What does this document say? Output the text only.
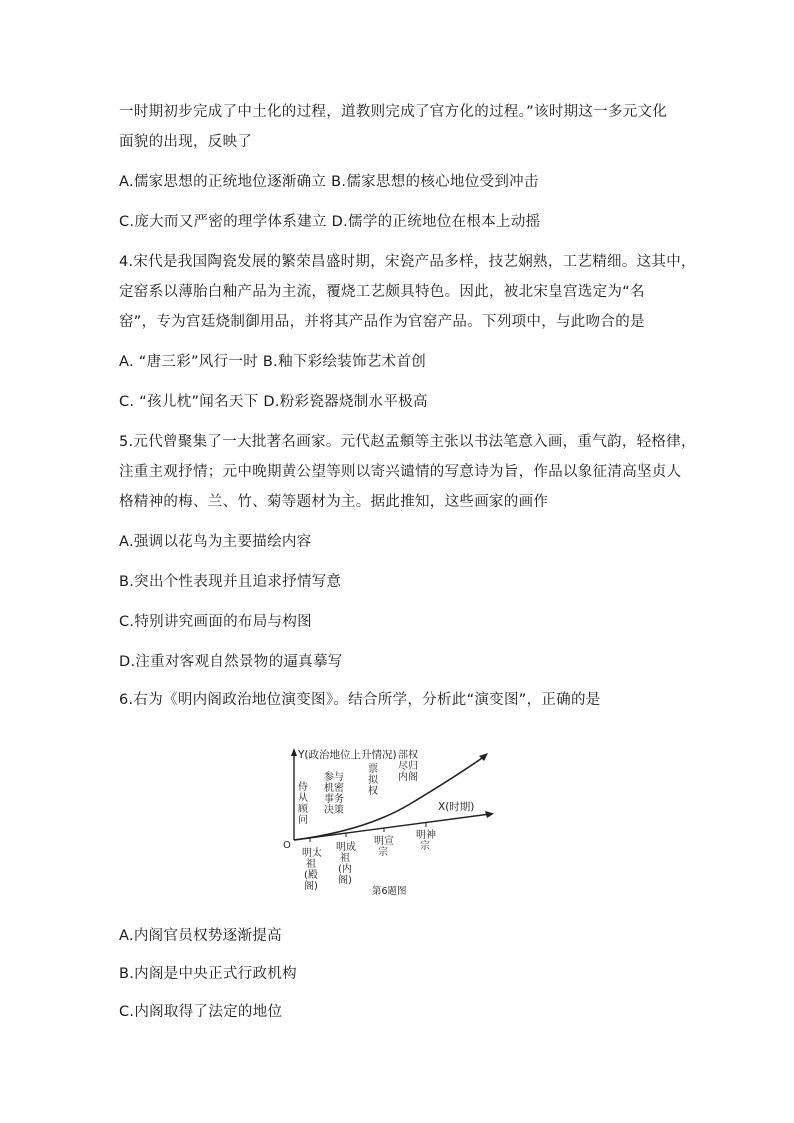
一时期初步完成了中土化的过程，道教则完成了官方化的过程。”该时期这一多元文化
面貌的出现，反映了
A.儒家思想的正统地位逐渐确立 B.儒家思想的核心地位受到冲击
C.庞大而又严密的理学体系建立 D.儒学的正统地位在根本上动摇
4.宋代是我国陶瓷发展的繁荣昌盛时期，宋瓷产品多样，技艺娴熟，工艺精细。这其中，
定窑系以薄胎白釉产品为主流，覆烧工艺颇具特色。因此，被北宋皇宫选定为“名
窑”，专为宫廷烧制御用品，并将其产品作为官窑产品。下列项中，与此吻合的是
A. “唐三彩”风行一时 B.釉下彩绘装饰艺术首创
C. “孩儿枕”闻名天下 D.粉彩瓷器烧制水平极高
5.元代曾聚集了一大批著名画家。元代赵孟頫等主张以书法笔意入画，重气韵，轻格律，
注重主观抒情；元中晚期黄公望等则以寄兴谴情的写意诗为旨，作品以象征清高坚贞人
格精神的梅、兰、竹、菊等题材为主。据此推知，这些画家的画作
A.强调以花鸟为主要描绘内容
B.突出个性表现并且追求抒情写意
C.特别讲究画面的布局与构图
D.注重对客观自然景物的逼真摹写
6.右为《明内阁政治地位演变图》。结合所学，分析此“演变图”，正确的是
Y(政治地位上升情况)
X(时期)
O
侍
从
顾
问
参与
机密
事务
决策
票
拟
权
部权
尽归
内阁
明太
祖
(殿
阁)
明成
祖
(内
阁)
明宣
宗
明神
宗
第6题图
A.内阁官员权势逐渐提高
B.内阁是中央正式行政机构
C.内阁取得了法定的地位
